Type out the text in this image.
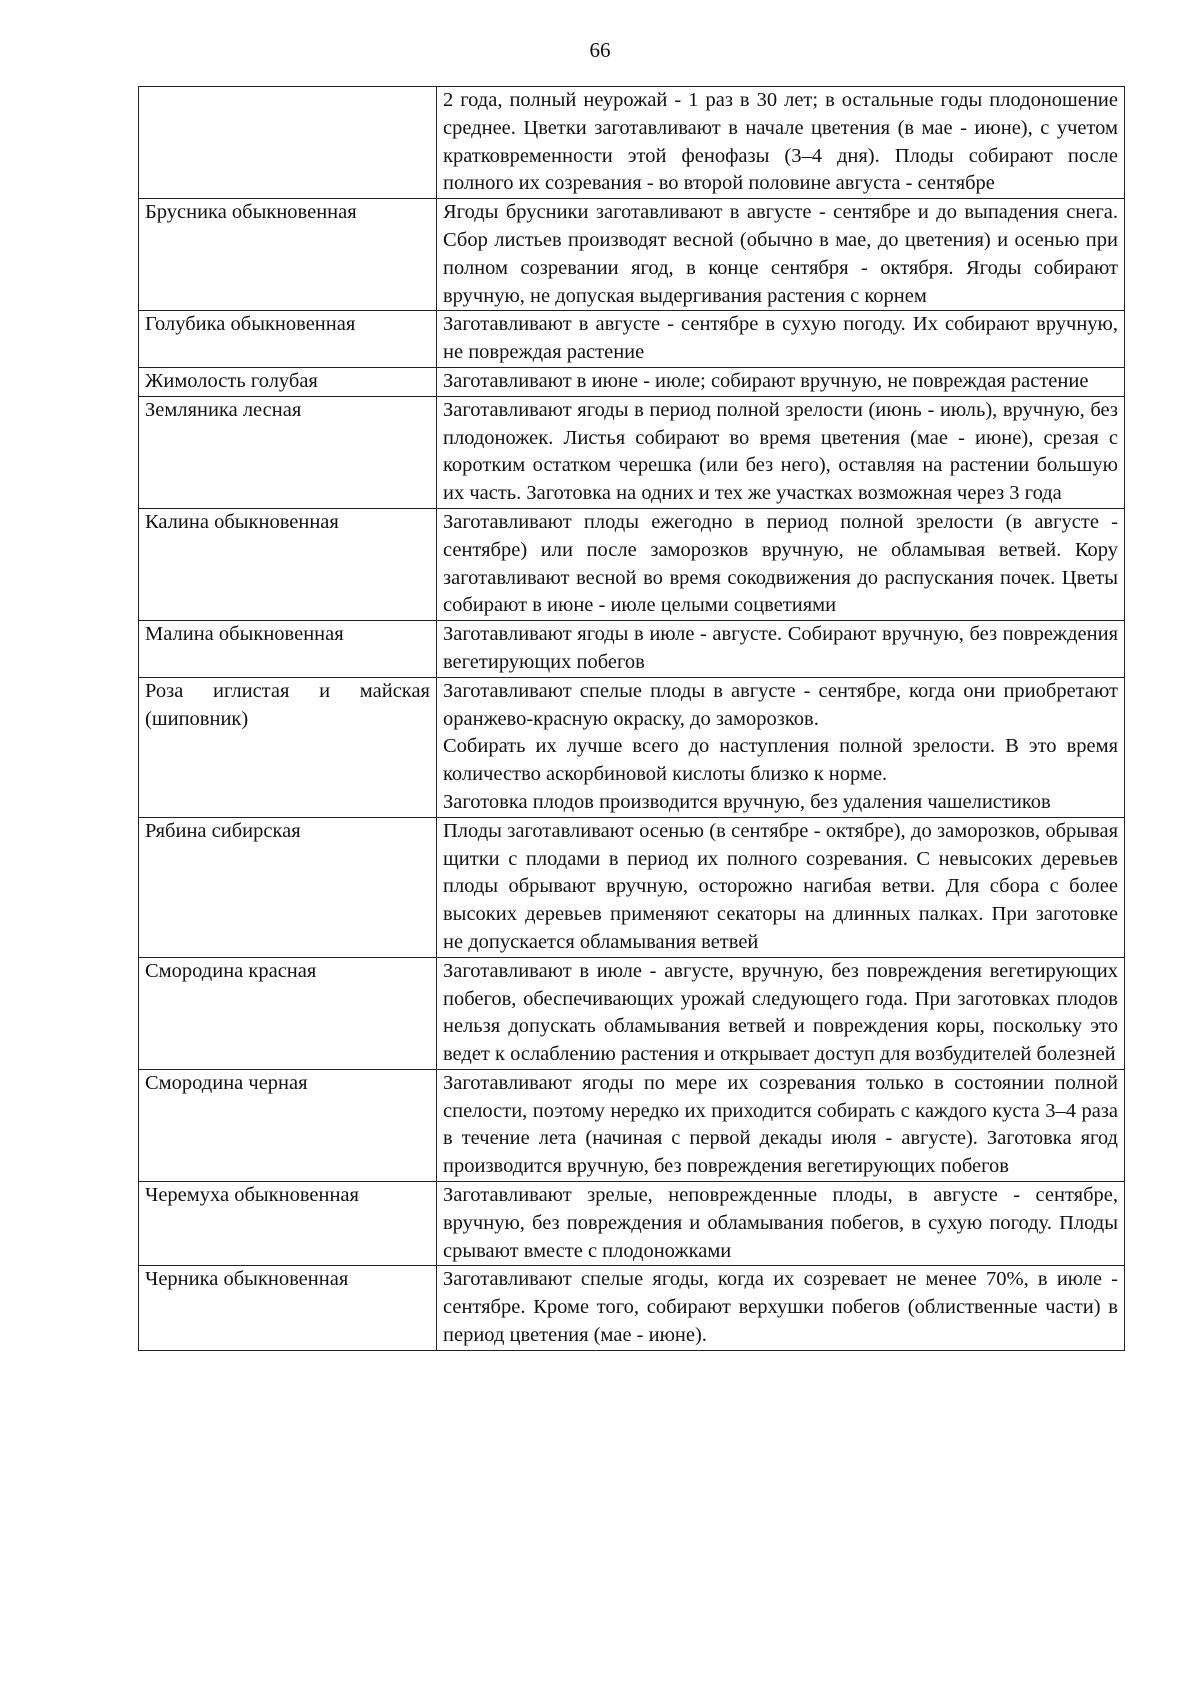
66

	2 года, полный неурожай - 1 раз в 30 лет; в остальные годы плодоношение среднее. Цветки заготавливают в начале цветения (в мае - июне), с учетом кратковременности этой фенофазы (3–4 дня). Плоды собирают после полного их созревания - во второй половине августа - сентябре

Брусника обыкновенная	Ягоды брусники заготавливают в августе - сентябре и до выпадения снега. Сбор листьев производят весной (обычно в мае, до цветения) и осенью при полном созревании ягод, в конце сентября - октября. Ягоды собирают вручную, не допуская выдергивания растения с корнем

Голубика обыкновенная	Заготавливают в августе - сентябре в сухую погоду. Их собирают вручную, не повреждая растение

Жимолость голубая	Заготавливают в июне - июле; собирают вручную, не повреждая растение

Земляника лесная	Заготавливают ягоды в период полной зрелости (июнь - июль), вручную, без плодоножек. Листья собирают во время цветения (мае - июне), срезая с коротким остатком черешка (или без него), оставляя на растении большую их часть. Заготовка на одних и тех же участках возможная через 3 года

Калина обыкновенная	Заготавливают плоды ежегодно в период полной зрелости (в августе - сентябре) или после заморозков вручную, не обламывая ветвей. Кору заготавливают весной во время сокодвижения до распускания почек. Цветы собирают в июне - июле целыми соцветиями

Малина обыкновенная	Заготавливают ягоды в июле - августе. Собирают вручную, без повреждения вегетирующих побегов

Роза иглистая и майская (шиповник)	Заготавливают спелые плоды в августе - сентябре, когда они приобретают оранжево-красную окраску, до заморозков.

Собирать их лучше всего до наступления полной зрелости. В это время количество аскорбиновой кислоты близко к норме.

Заготовка плодов производится вручную, без удаления чашелистиков

Рябина сибирская	Плоды заготавливают осенью (в сентябре - октябре), до заморозков, обрывая щитки с плодами в период их полного созревания. С невысоких деревьев плоды обрывают вручную, осторожно нагибая ветви. Для сбора с более высоких деревьев применяют секаторы на длинных палках. При заготовке не допускается обламывания ветвей

Смородина красная	Заготавливают в июле - августе, вручную, без повреждения вегетирующих побегов, обеспечивающих урожай следующего года. При заготовках плодов нельзя допускать обламывания ветвей и повреждения коры, поскольку это ведет к ослаблению растения и открывает доступ для возбудителей болезней

Смородина черная	Заготавливают ягоды по мере их созревания только в состоянии полной спелости, поэтому нередко их приходится собирать с каждого куста 3–4 раза в течение лета (начиная с первой декады июля - августе). Заготовка ягод производится вручную, без повреждения вегетирующих побегов

Черемуха обыкновенная	Заготавливают зрелые, неповрежденные плоды, в августе - сентябре, вручную, без повреждения и обламывания побегов, в сухую погоду. Плоды срывают вместе с плодоножками

Черника обыкновенная	Заготавливают спелые ягоды, когда их созревает не менее 70%, в июле - сентябре. Кроме того, собирают верхушки побегов (облиственные части) в период цветения (мае - июне).
